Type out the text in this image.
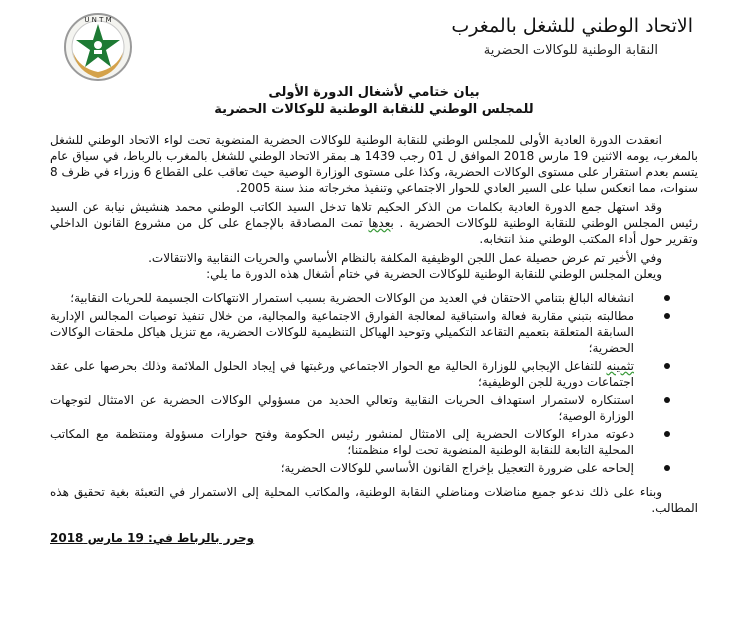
U N T M	الاتحاد الوطني للشغل بالمغرب
النقابة الوطنية للوكالات الحضرية
بيان ختامي لأشغال الدورة الأولى
للمجلس الوطني للنقابة الوطنية للوكالات الحضرية
انعقدت الدورة العادية الأولى للمجلس الوطني للنقابة الوطنية للوكالات الحضرية المنضوية تحت لواء الاتحاد الوطني للشغل بالمغرب، يومه الاثنين 19 مارس 2018 الموافق ل 01 رجب 1439 هـ بمقر الاتحاد الوطني للشغل بالمغرب بالرباط، في سياق عام يتسم بعدم استقرار على مستوى الوكالات الحضرية، وكذا على مستوى الوزارة الوصية حيث تعاقب على القطاع 6 وزراء في ظرف 8 سنوات، مما انعكس سلبا على السير العادي للحوار الاجتماعي وتنفيذ مخرجاته منذ سنة 2005.
وقد استهل جمع الدورة العادية بكلمات من الذكر الحكيم تلاها تدخل السيد الكاتب الوطني محمد هنشيش نيابة عن السيد رئيس المجلس الوطني للنقابة الوطنية للوكالات الحضرية . بعدها تمت المصادقة بالإجماع على كل من مشروع القانون الداخلي وتقرير حول أداء المكتب الوطني منذ انتخابه.
وفي الأخير تم عرض حصيلة عمل اللجن الوظيفية المكلفة بالنظام الأساسي والحريات النقابية والانتقالات.
ويعلن المجلس الوطني للنقابة الوطنية للوكالات الحضرية في ختام أشغال هذه الدورة ما يلي:
انشغاله البالغ بتنامي الاحتقان في العديد من الوكالات الحضرية بسبب استمرار الانتهاكات الجسيمة للحريات النقابية؛
مطالبته بتبني مقاربة فعالة واستباقية لمعالجة الفوارق الاجتماعية والمجالية، من خلال تنفيذ توصيات المجالس الإدارية السابقة المتعلقة بتعميم التقاعد التكميلي وتوحيد الهياكل التنظيمية للوكالات الحضرية، مع تنزيل هياكل ملحقات الوكالات الحضرية؛
تثمينه للتفاعل الإيجابي للوزارة الحالية مع الحوار الاجتماعي ورغبتها في إيجاد الحلول الملائمة وذلك بحرصها على عقد اجتماعات دورية للجن الوظيفية؛
استنكاره لاستمرار استهداف الحريات النقابية وتعالي الحديد من مسؤولي الوكالات الحضرية عن الامتثال لتوجهات الوزارة الوصية؛
دعوته مدراء الوكالات الحضرية إلى الامتثال لمنشور رئيس الحكومة وفتح حوارات مسؤولة ومنتظمة مع المكاتب المحلية التابعة للنقابة الوطنية المنضوية تحت لواء منظمتنا؛
إلحاحه على ضرورة التعجيل بإخراج القانون الأساسي للوكالات الحضرية؛
وبناء على ذلك ندعو جميع مناضلات ومناضلي النقابة الوطنية، والمكاتب المحلية إلى الاستمرار في التعبئة بغية تحقيق هذه المطالب.
وحرر بالرباط في: 19 مارس 2018
